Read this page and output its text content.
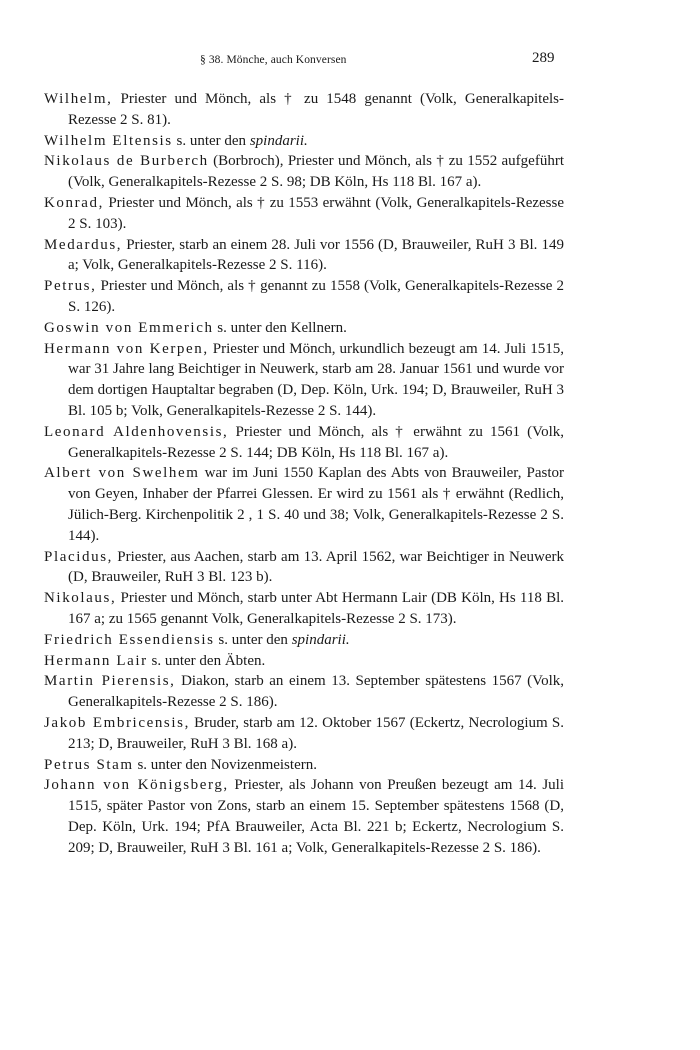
§ 38. Mönche, auch Konversen	289

Wilhelm, Priester und Mönch, als † zu 1548 genannt (Volk, Generalkapitels-Rezesse 2 S. 81).

Wilhelm Eltensis s. unter den spindarii.

Nikolaus de Burberch (Borbroch), Priester und Mönch, als † zu 1552 aufgeführt (Volk, Generalkapitels-Rezesse 2 S. 98; DB Köln, Hs 118 Bl. 167 a).

Konrad, Priester und Mönch, als † zu 1553 erwähnt (Volk, Generalkapitels-Rezesse 2 S. 103).

Medardus, Priester, starb an einem 28. Juli vor 1556 (D, Brauweiler, RuH 3 Bl. 149 a; Volk, Generalkapitels-Rezesse 2 S. 116).

Petrus, Priester und Mönch, als † genannt zu 1558 (Volk, Generalkapitels-Rezesse 2 S. 126).

Goswin von Emmerich s. unter den Kellnern.

Hermann von Kerpen, Priester und Mönch, urkundlich bezeugt am 14. Juli 1515, war 31 Jahre lang Beichtiger in Neuwerk, starb am 28. Januar 1561 und wurde vor dem dortigen Hauptaltar begraben (D, Dep. Köln, Urk. 194; D, Brauweiler, RuH 3 Bl. 105 b; Volk, Generalkapitels-Rezesse 2 S. 144).

Leonard Aldenhovensis, Priester und Mönch, als † erwähnt zu 1561 (Volk, Generalkapitels-Rezesse 2 S. 144; DB Köln, Hs 118 Bl. 167 a).

Albert von Swelhem war im Juni 1550 Kaplan des Abts von Brauweiler, Pastor von Geyen, Inhaber der Pfarrei Glessen. Er wird zu 1561 als † erwähnt (Redlich, Jülich-Berg. Kirchenpolitik 2 , 1 S. 40 und 38; Volk, Generalkapitels-Rezesse 2 S. 144).

Placidus, Priester, aus Aachen, starb am 13. April 1562, war Beichtiger in Neuwerk (D, Brauweiler, RuH 3 Bl. 123 b).

Nikolaus, Priester und Mönch, starb unter Abt Hermann Lair (DB Köln, Hs 118 Bl. 167 a; zu 1565 genannt Volk, Generalkapitels-Rezesse 2 S. 173).

Friedrich Essendiensis s. unter den spindarii.

Hermann Lair s. unter den Äbten.

Martin Pierensis, Diakon, starb an einem 13. September spätestens 1567 (Volk, Generalkapitels-Rezesse 2 S. 186).

Jakob Embricensis, Bruder, starb am 12. Oktober 1567 (Eckertz, Necrologium S. 213; D, Brauweiler, RuH 3 Bl. 168 a).

Petrus Stam s. unter den Novizenmeistern.

Johann von Königsberg, Priester, als Johann von Preußen bezeugt am 14. Juli 1515, später Pastor von Zons, starb an einem 15. September spätestens 1568 (D, Dep. Köln, Urk. 194; PfA Brauweiler, Acta Bl. 221 b; Eckertz, Necrologium S. 209; D, Brauweiler, RuH 3 Bl. 161 a; Volk, Generalkapitels-Rezesse 2 S. 186).
